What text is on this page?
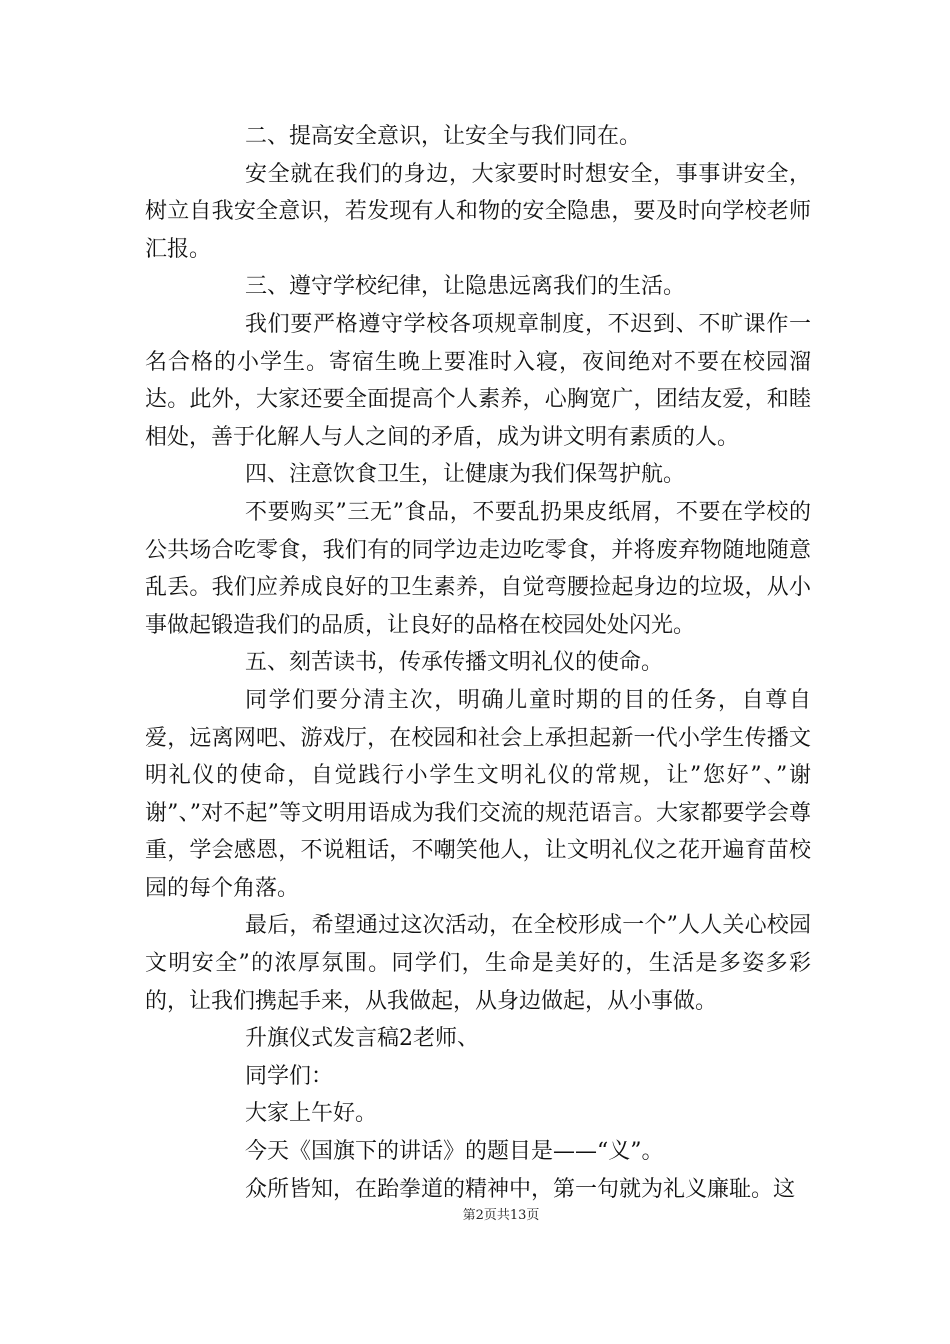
二、提高安全意识，让安全与我们同在。

安全就在我们的身边，大家要时时想安全，事事讲安全，树立自我安全意识，若发现有人和物的安全隐患，要及时向学校老师汇报。

三、遵守学校纪律，让隐患远离我们的生活。

我们要严格遵守学校各项规章制度，不迟到、不旷课作一名合格的小学生。寄宿生晚上要准时入寝，夜间绝对不要在校园溜达。此外，大家还要全面提高个人素养，心胸宽广，团结友爱，和睦相处，善于化解人与人之间的矛盾，成为讲文明有素质的人。

四、注意饮食卫生，让健康为我们保驾护航。

不要购买”三无”食品，不要乱扔果皮纸屑，不要在学校的公共场合吃零食，我们有的同学边走边吃零食，并将废弃物随地随意乱丢。我们应养成良好的卫生素养，自觉弯腰捡起身边的垃圾，从小事做起锻造我们的品质，让良好的品格在校园处处闪光。

五、刻苦读书，传承传播文明礼仪的使命。

同学们要分清主次，明确儿童时期的目的任务，自尊自爱，远离网吧、游戏厅，在校园和社会上承担起新一代小学生传播文明礼仪的使命，自觉践行小学生文明礼仪的常规，让”您好”、”谢谢”、”对不起”等文明用语成为我们交流的规范语言。大家都要学会尊重，学会感恩，不说粗话，不嘲笑他人，让文明礼仪之花开遍育苗校园的每个角落。

最后，希望通过这次活动，在全校形成一个”人人关心校园文明安全”的浓厚氛围。同学们，生命是美好的，生活是多姿多彩的，让我们携起手来，从我做起，从身边做起，从小事做。

升旗仪式发言稿2老师、

同学们：

大家上午好。

今天《国旗下的讲话》的题目是——“义”。

众所皆知，在跆拳道的精神中，第一句就为礼义廉耻。这

第2页共13页
